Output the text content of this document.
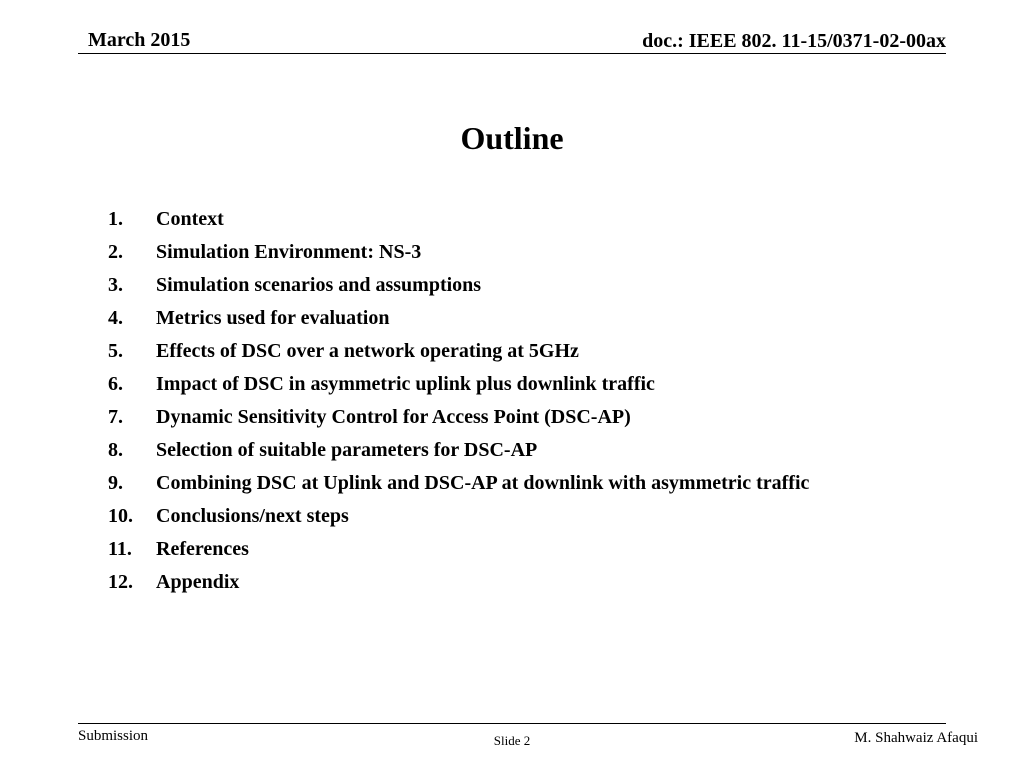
March 2015	doc.: IEEE 802. 11-15/0371-02-00ax
Outline
1.	Context
2.	Simulation Environment: NS-3
3.	Simulation scenarios and assumptions
4.	Metrics used for evaluation
5.	Effects of DSC over a network operating at 5GHz
6.	Impact of DSC in asymmetric uplink plus downlink traffic
7.	Dynamic Sensitivity Control for Access Point (DSC-AP)
8.	Selection of suitable parameters for DSC-AP
9.	Combining DSC at Uplink and DSC-AP at downlink with asymmetric traffic
10.	Conclusions/next steps
11.	References
12.	Appendix
Submission	Slide 2	M. Shahwaiz Afaqui
